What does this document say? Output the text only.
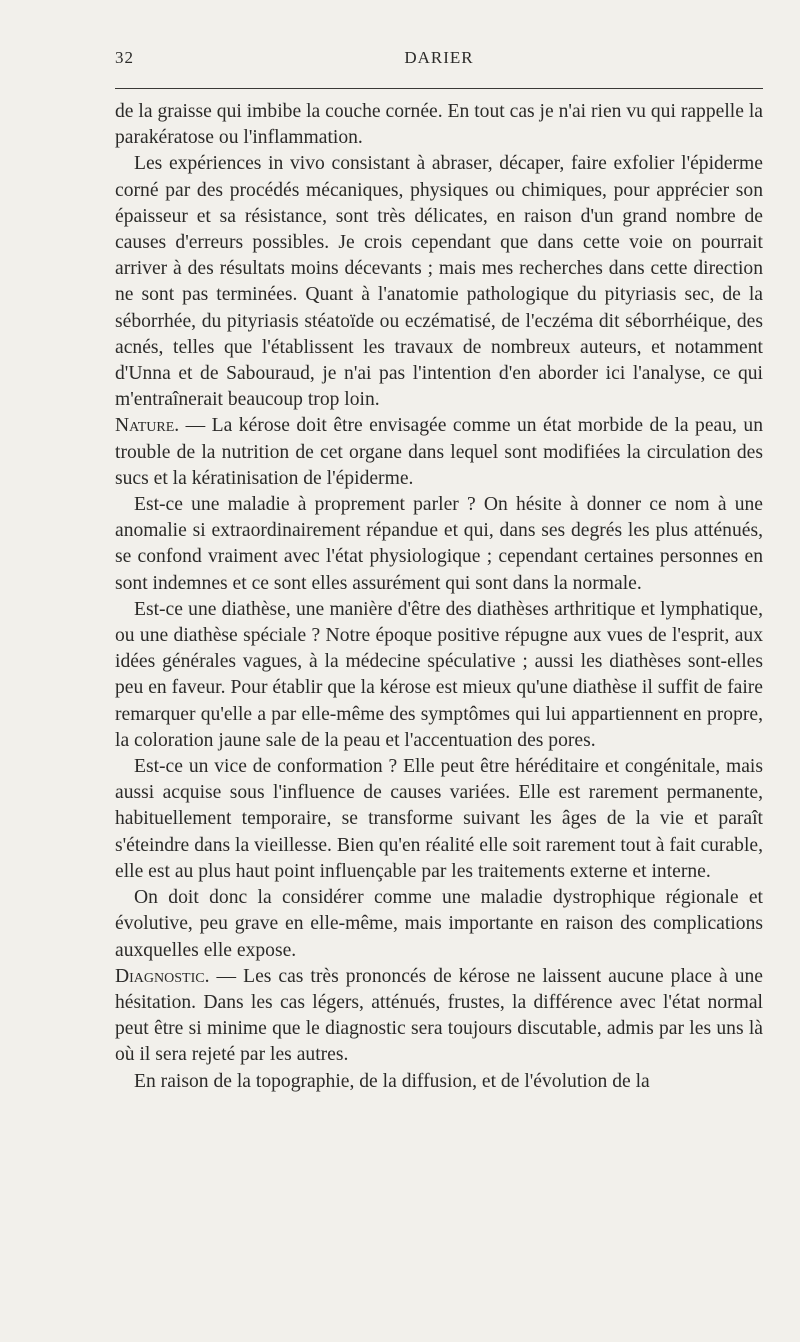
32	DARIER

de la graisse qui imbibe la couche cornée. En tout cas je n'ai rien vu qui rappelle la parakératose ou l'inflammation.

Les expériences in vivo consistant à abraser, décaper, faire exfolier l'épiderme corné par des procédés mécaniques, physiques ou chimiques, pour apprécier son épaisseur et sa résistance, sont très délicates, en raison d'un grand nombre de causes d'erreurs possibles. Je crois cependant que dans cette voie on pourrait arriver à des résultats moins décevants ; mais mes recherches dans cette direction ne sont pas terminées. Quant à l'anatomie pathologique du pityriasis sec, de la séborrhée, du pityriasis stéatoïde ou eczématisé, de l'eczéma dit séborrhéique, des acnés, telles que l'établissent les travaux de nombreux auteurs, et notamment d'Unna et de Sabouraud, je n'ai pas l'intention d'en aborder ici l'analyse, ce qui m'entraînerait beaucoup trop loin.

Nature. — La kérose doit être envisagée comme un état morbide de la peau, un trouble de la nutrition de cet organe dans lequel sont modifiées la circulation des sucs et la kératinisation de l'épiderme.

Est-ce une maladie à proprement parler ? On hésite à donner ce nom à une anomalie si extraordinairement répandue et qui, dans ses degrés les plus atténués, se confond vraiment avec l'état physiologique ; cependant certaines personnes en sont indemnes et ce sont elles assurément qui sont dans la normale.

Est-ce une diathèse, une manière d'être des diathèses arthritique et lymphatique, ou une diathèse spéciale ? Notre époque positive répugne aux vues de l'esprit, aux idées générales vagues, à la médecine spéculative ; aussi les diathèses sont-elles peu en faveur. Pour établir que la kérose est mieux qu'une diathèse il suffit de faire remarquer qu'elle a par elle-même des symptômes qui lui appartiennent en propre, la coloration jaune sale de la peau et l'accentuation des pores.

Est-ce un vice de conformation ? Elle peut être héréditaire et congénitale, mais aussi acquise sous l'influence de causes variées. Elle est rarement permanente, habituellement temporaire, se transforme suivant les âges de la vie et paraît s'éteindre dans la vieillesse. Bien qu'en réalité elle soit rarement tout à fait curable, elle est au plus haut point influençable par les traitements externe et interne.

On doit donc la considérer comme une maladie dystrophique régionale et évolutive, peu grave en elle-même, mais importante en raison des complications auxquelles elle expose.

Diagnostic. — Les cas très prononcés de kérose ne laissent aucune place à une hésitation. Dans les cas légers, atténués, frustes, la différence avec l'état normal peut être si minime que le diagnostic sera toujours discutable, admis par les uns là où il sera rejeté par les autres.

En raison de la topographie, de la diffusion, et de l'évolution de la
